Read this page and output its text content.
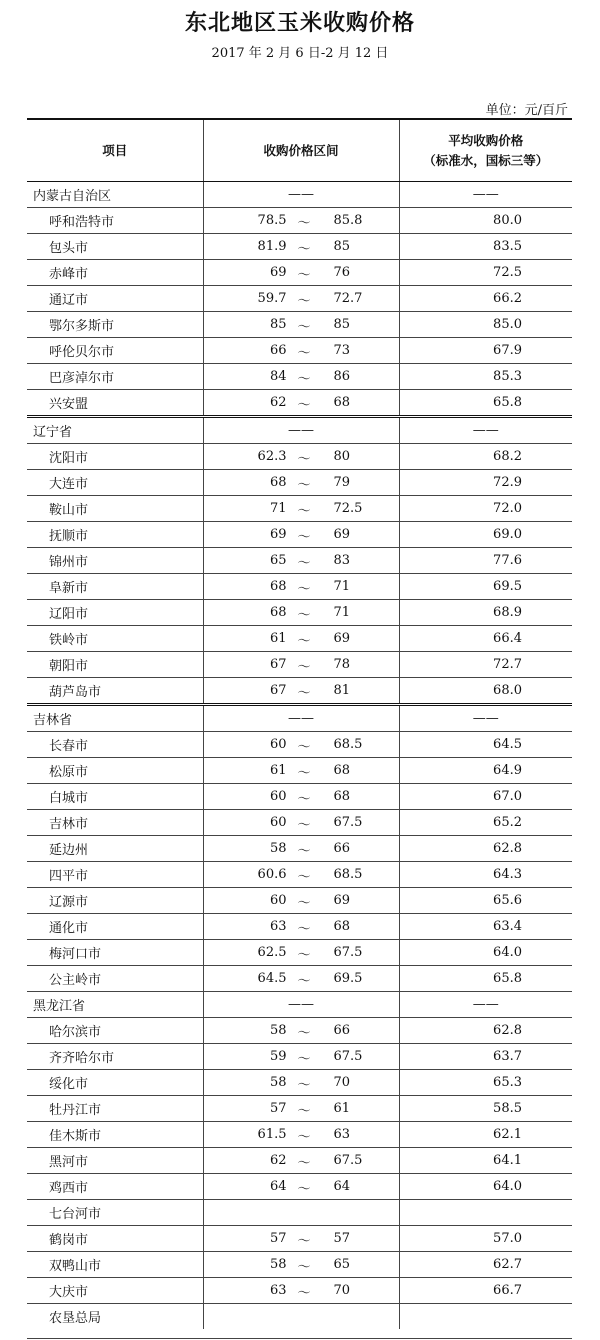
东北地区玉米收购价格
2017 年 2 月 6 日-2 月 12 日
单位：元/百斤
项目	收购价格区间	平均收购价格
（标准水，国标三等）

内蒙古自治区	——	——
呼和浩特市	78.5 ～ 85.8	80.0
包头市	81.9 ～ 85	83.5
赤峰市	69 ～ 76	72.5
通辽市	59.7 ～ 72.7	66.2
鄂尔多斯市	85 ～ 85	85.0
呼伦贝尔市	66 ～ 73	67.9
巴彦淖尔市	84 ～ 86	85.3
兴安盟	62 ～ 68	65.8
辽宁省	——	——
沈阳市	62.3 ～ 80	68.2
大连市	68 ～ 79	72.9
鞍山市	71 ～ 72.5	72.0
抚顺市	69 ～ 69	69.0
锦州市	65 ～ 83	77.6
阜新市	68 ～ 71	69.5
辽阳市	68 ～ 71	68.9
铁岭市	61 ～ 69	66.4
朝阳市	67 ～ 78	72.7
葫芦岛市	67 ～ 81	68.0
吉林省	——	——
长春市	60 ～ 68.5	64.5
松原市	61 ～ 68	64.9
白城市	60 ～ 68	67.0
吉林市	60 ～ 67.5	65.2
延边州	58 ～ 66	62.8
四平市	60.6 ～ 68.5	64.3
辽源市	60 ～ 69	65.6
通化市	63 ～ 68	63.4
梅河口市	62.5 ～ 67.5	64.0
公主岭市	64.5 ～ 69.5	65.8
黑龙江省	——	——
哈尔滨市	58 ～ 66	62.8
齐齐哈尔市	59 ～ 67.5	63.7
绥化市	58 ～ 70	65.3
牡丹江市	57 ～ 61	58.5
佳木斯市	61.5 ～ 63	62.1
黑河市	62 ～ 67.5	64.1
鸡西市	64 ～ 64	64.0
七台河市		
鹤岗市	57 ～ 57	57.0
双鸭山市	58 ～ 65	62.7
大庆市	63 ～ 70	66.7
农垦总局		
